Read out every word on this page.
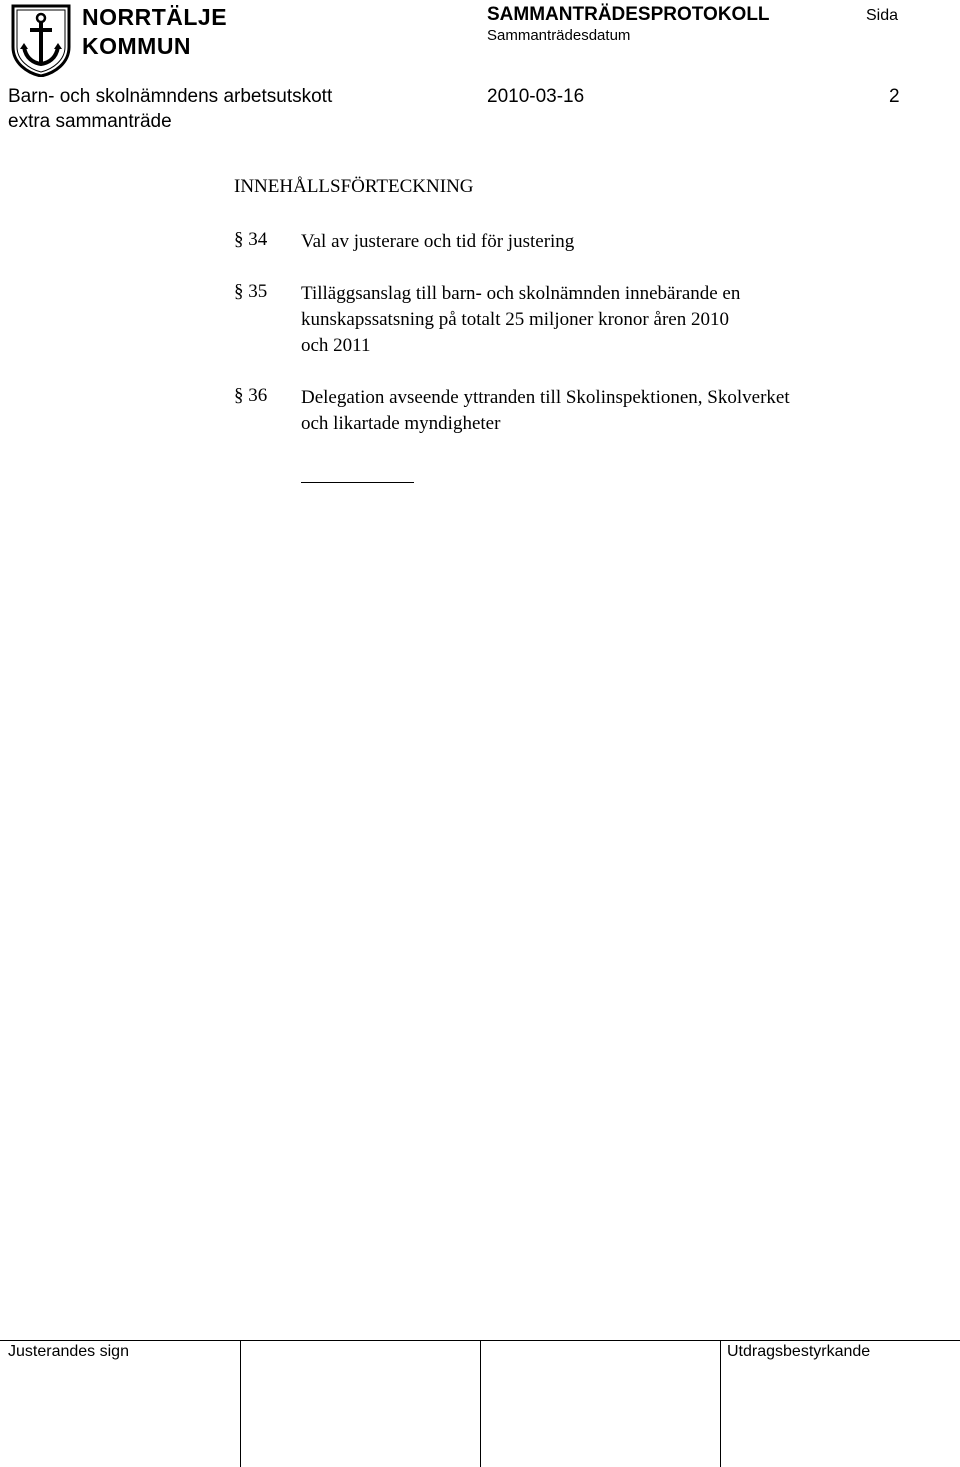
NORRTÄLJE
KOMMUN
SAMMANTRÄDESPROTOKOLL
Sammanträdesdatum
Sida
Barn- och skolnämndens arbetsutskott
extra sammanträde
2010-03-16	2
INNEHÅLLSFÖRTECKNING
§ 34 Val av justerare och tid för justering
§ 35 Tilläggsanslag till barn- och skolnämnden innebärande en
kunskapssatsning på totalt 25 miljoner kronor åren 2010
och 2011
§ 36 Delegation avseende yttranden till Skolinspektionen, Skolverket
och likartade myndigheter
Justerandes sign	Utdragsbestyrkande
